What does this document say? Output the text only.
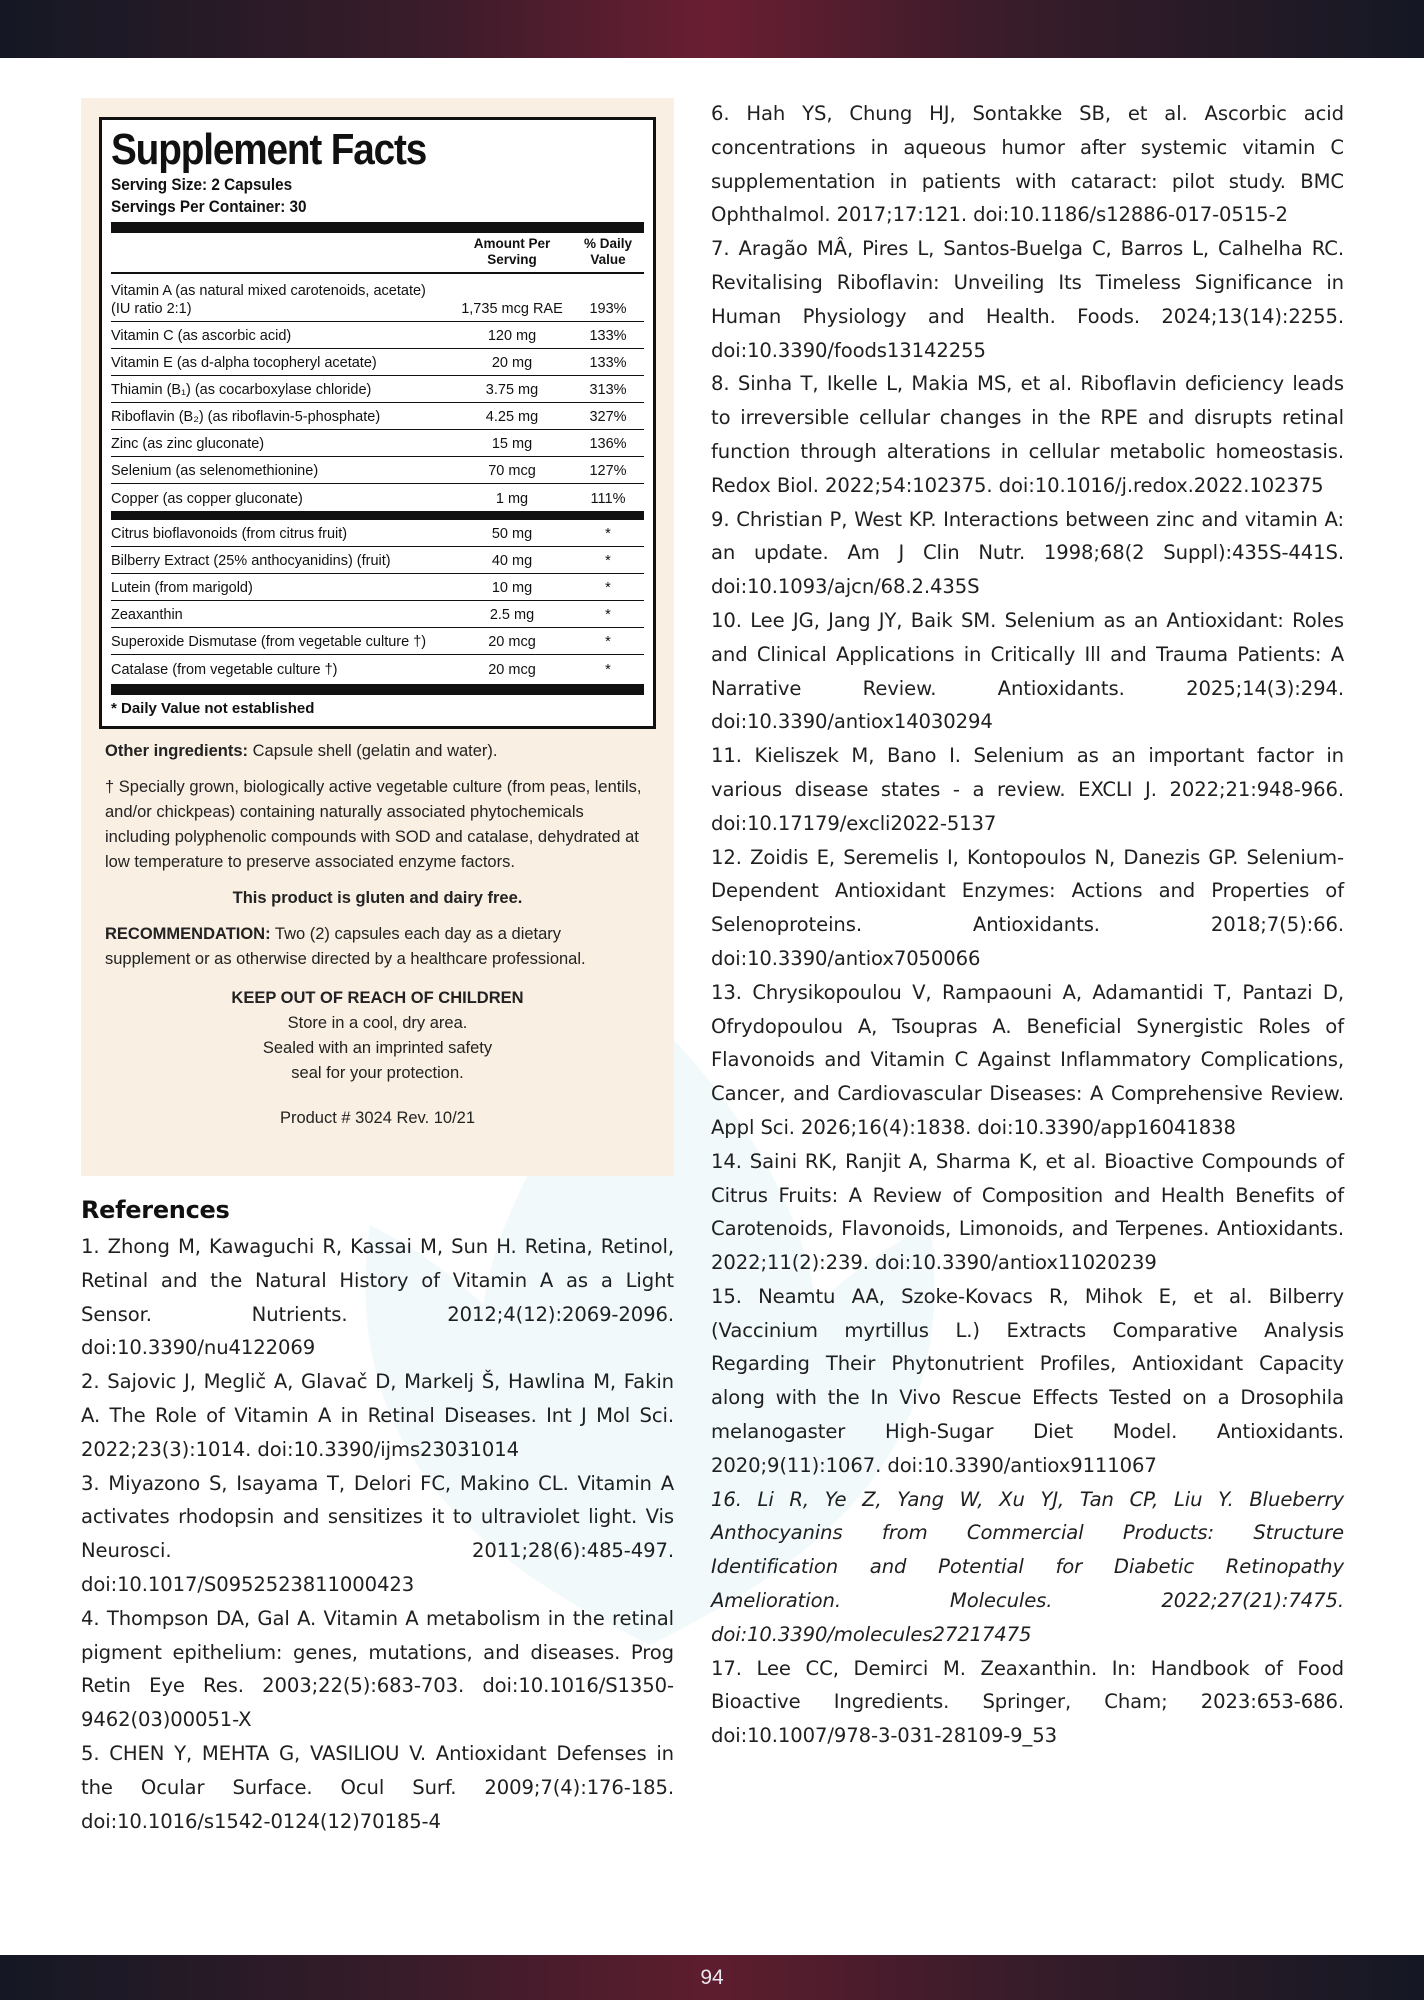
Supplement Facts
Serving Size: 2 Capsules
Servings Per Container: 30
Amount Per Serving
% Daily Value
Vitamin A (as natural mixed carotenoids, acetate) (IU ratio 2:1)	1,735 mcg RAE	193%
Vitamin C (as ascorbic acid)	120 mg	133%
Vitamin E (as d-alpha tocopheryl acetate)	20 mg	133%
Thiamin (B₁) (as cocarboxylase chloride)	3.75 mg	313%
Riboflavin (B₂) (as riboflavin-5-phosphate)	4.25 mg	327%
Zinc (as zinc gluconate)	15 mg	136%
Selenium (as selenomethionine)	70 mcg	127%
Copper (as copper gluconate)	1 mg	111%
Citrus bioflavonoids (from citrus fruit)	50 mg	*
Bilberry Extract (25% anthocyanidins) (fruit)	40 mg	*
Lutein (from marigold)	10 mg	*
Zeaxanthin	2.5 mg	*
Superoxide Dismutase (from vegetable culture †)	20 mcg	*
Catalase (from vegetable culture †)	20 mcg	*
* Daily Value not established

Other ingredients: Capsule shell (gelatin and water).

† Specially grown, biologically active vegetable culture (from peas, lentils, and/or chickpeas) containing naturally associated phytochemicals including polyphenolic compounds with SOD and catalase, dehydrated at low temperature to preserve associated enzyme factors.

This product is gluten and dairy free.

RECOMMENDATION: Two (2) capsules each day as a dietary supplement or as otherwise directed by a healthcare professional.

KEEP OUT OF REACH OF CHILDREN

Store in a cool, dry area.

Sealed with an imprinted safety

seal for your protection.

Product # 3024 Rev. 10/21

References

1. Zhong M, Kawaguchi R, Kassai M, Sun H. Retina, Retinol, Retinal and the Natural History of Vitamin A as a Light Sensor. Nutrients. 2012;4(12):2069-2096. doi:10.3390/nu4122069

2. Sajovic J, Meglič A, Glavač D, Markelj Š, Hawlina M, Fakin A. The Role of Vitamin A in Retinal Diseases. Int J Mol Sci. 2022;23(3):1014. doi:10.3390/ijms23031014

3. Miyazono S, Isayama T, Delori FC, Makino CL. Vitamin A activates rhodopsin and sensitizes it to ultraviolet light. Vis Neurosci. 2011;28(6):485-497. doi:10.1017/S0952523811000423

4. Thompson DA, Gal A. Vitamin A metabolism in the retinal pigment epithelium: genes, mutations, and diseases. Prog Retin Eye Res. 2003;22(5):683-703. doi:10.1016/S1350-9462(03)00051-X

5. CHEN Y, MEHTA G, VASILIOU V. Antioxidant Defenses in the Ocular Surface. Ocul Surf. 2009;7(4):176-185. doi:10.1016/s1542-0124(12)70185-4

6. Hah YS, Chung HJ, Sontakke SB, et al. Ascorbic acid concentrations in aqueous humor after systemic vitamin C supplementation in patients with cataract: pilot study. BMC Ophthalmol. 2017;17:121. doi:10.1186/s12886-017-0515-2

7. Aragão MÂ, Pires L, Santos-Buelga C, Barros L, Calhelha RC. Revitalising Riboflavin: Unveiling Its Timeless Significance in Human Physiology and Health. Foods. 2024;13(14):2255. doi:10.3390/foods13142255

8. Sinha T, Ikelle L, Makia MS, et al. Riboflavin deficiency leads to irreversible cellular changes in the RPE and disrupts retinal function through alterations in cellular metabolic homeostasis. Redox Biol. 2022;54:102375. doi:10.1016/j.redox.2022.102375

9. Christian P, West KP. Interactions between zinc and vitamin A: an update. Am J Clin Nutr. 1998;68(2 Suppl):435S-441S. doi:10.1093/ajcn/68.2.435S

10. Lee JG, Jang JY, Baik SM. Selenium as an Antioxidant: Roles and Clinical Applications in Critically Ill and Trauma Patients: A Narrative Review. Antioxidants. 2025;14(3):294. doi:10.3390/antiox14030294

11. Kieliszek M, Bano I. Selenium as an important factor in various disease states - a review. EXCLI J. 2022;21:948-966. doi:10.17179/excli2022-5137

12. Zoidis E, Seremelis I, Kontopoulos N, Danezis GP. Selenium-Dependent Antioxidant Enzymes: Actions and Properties of Selenoproteins. Antioxidants. 2018;7(5):66. doi:10.3390/antiox7050066

13. Chrysikopoulou V, Rampaouni A, Adamantidi T, Pantazi D, Ofrydopoulou A, Tsoupras A. Beneficial Synergistic Roles of Flavonoids and Vitamin C Against Inflammatory Complications, Cancer, and Cardiovascular Diseases: A Comprehensive Review. Appl Sci. 2026;16(4):1838. doi:10.3390/app16041838

14. Saini RK, Ranjit A, Sharma K, et al. Bioactive Compounds of Citrus Fruits: A Review of Composition and Health Benefits of Carotenoids, Flavonoids, Limonoids, and Terpenes. Antioxidants. 2022;11(2):239. doi:10.3390/antiox11020239

15. Neamtu AA, Szoke-Kovacs R, Mihok E, et al. Bilberry (Vaccinium myrtillus L.) Extracts Comparative Analysis Regarding Their Phytonutrient Profiles, Antioxidant Capacity along with the In Vivo Rescue Effects Tested on a Drosophila melanogaster High-Sugar Diet Model. Antioxidants. 2020;9(11):1067. doi:10.3390/antiox9111067

16. Li R, Ye Z, Yang W, Xu YJ, Tan CP, Liu Y. Blueberry Anthocyanins from Commercial Products: Structure Identification and Potential for Diabetic Retinopathy Amelioration. Molecules. 2022;27(21):7475. doi:10.3390/molecules27217475

17. Lee CC, Demirci M. Zeaxanthin. In: Handbook of Food Bioactive Ingredients. Springer, Cham; 2023:653-686. doi:10.1007/978-3-031-28109-9_53

94
